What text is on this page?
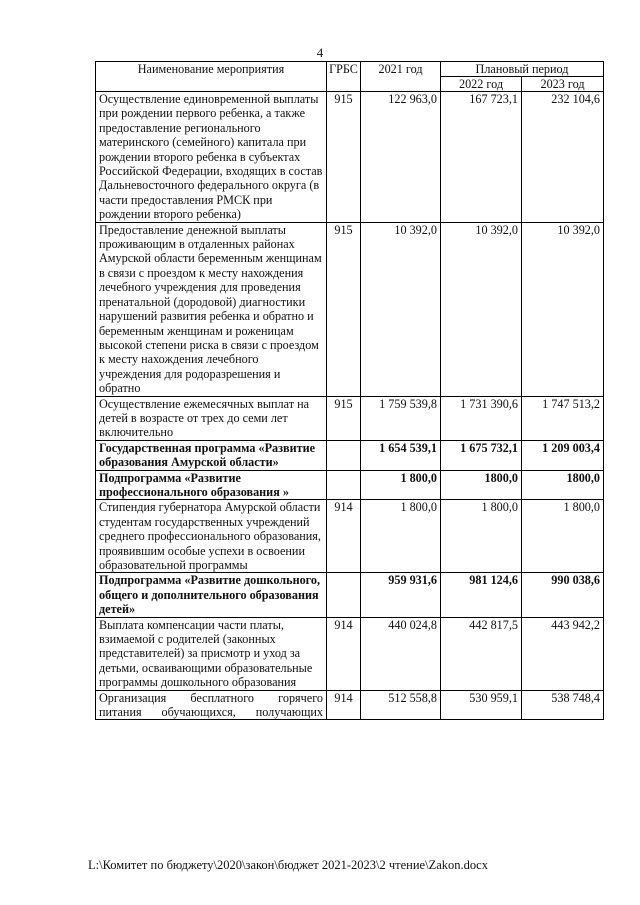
4
Наименование мероприятия	ГРБС	2021 год	Плановый период	
			2022 год	2023 год
Осуществление единовременной выплаты при рождении первого ребенка, а также предоставление регионального материнского (семейного) капитала при рождении второго ребенка в субъектах Российской Федерации, входящих в состав Дальневосточного федерального округа (в части предоставления РМСК при рождении второго ребенка)	915	122 963,0	167 723,1	232 104,6
Предоставление денежной выплаты проживающим в отдаленных районах Амурской области беременным женщинам в связи с проездом к месту нахождения лечебного учреждения для проведения пренатальной (дородовой) диагностики нарушений развития ребенка и обратно и беременным женщинам и роженицам высокой степени риска в связи с проездом к месту нахождения лечебного учреждения для родоразрешения и обратно	915	10 392,0	10 392,0	10 392,0
Осуществление ежемесячных выплат на детей в возрасте от трех до семи лет включительно	915	1 759 539,8	1 731 390,6	1 747 513,2
Государственная программа «Развитие образования Амурской области»		1 654 539,1	1 675 732,1	1 209 003,4
Подпрограмма «Развитие профессионального образования »		1 800,0	1800,0	1800,0
Стипендия губернатора Амурской области студентам государственных учреждений среднего профессионального образования, проявившим особые успехи в освоении образовательной программы	914	1 800,0	1 800,0	1 800,0
Подпрограмма «Развитие дошкольного, общего и дополнительного образования детей»		959 931,6	981 124,6	990 038,6
Выплата компенсации части платы, взимаемой с родителей (законных представителей) за присмотр и уход за детьми, осваивающими образовательные программы дошкольного образования	914	440 024,8	442 817,5	443 942,2
Организация бесплатного горячего питания обучающихся, получающих	914	512 558,8	530 959,1	538 748,4
L:\Комитет по бюджету\2020\закон\бюджет 2021-2023\2 чтение\Zakon.docx
